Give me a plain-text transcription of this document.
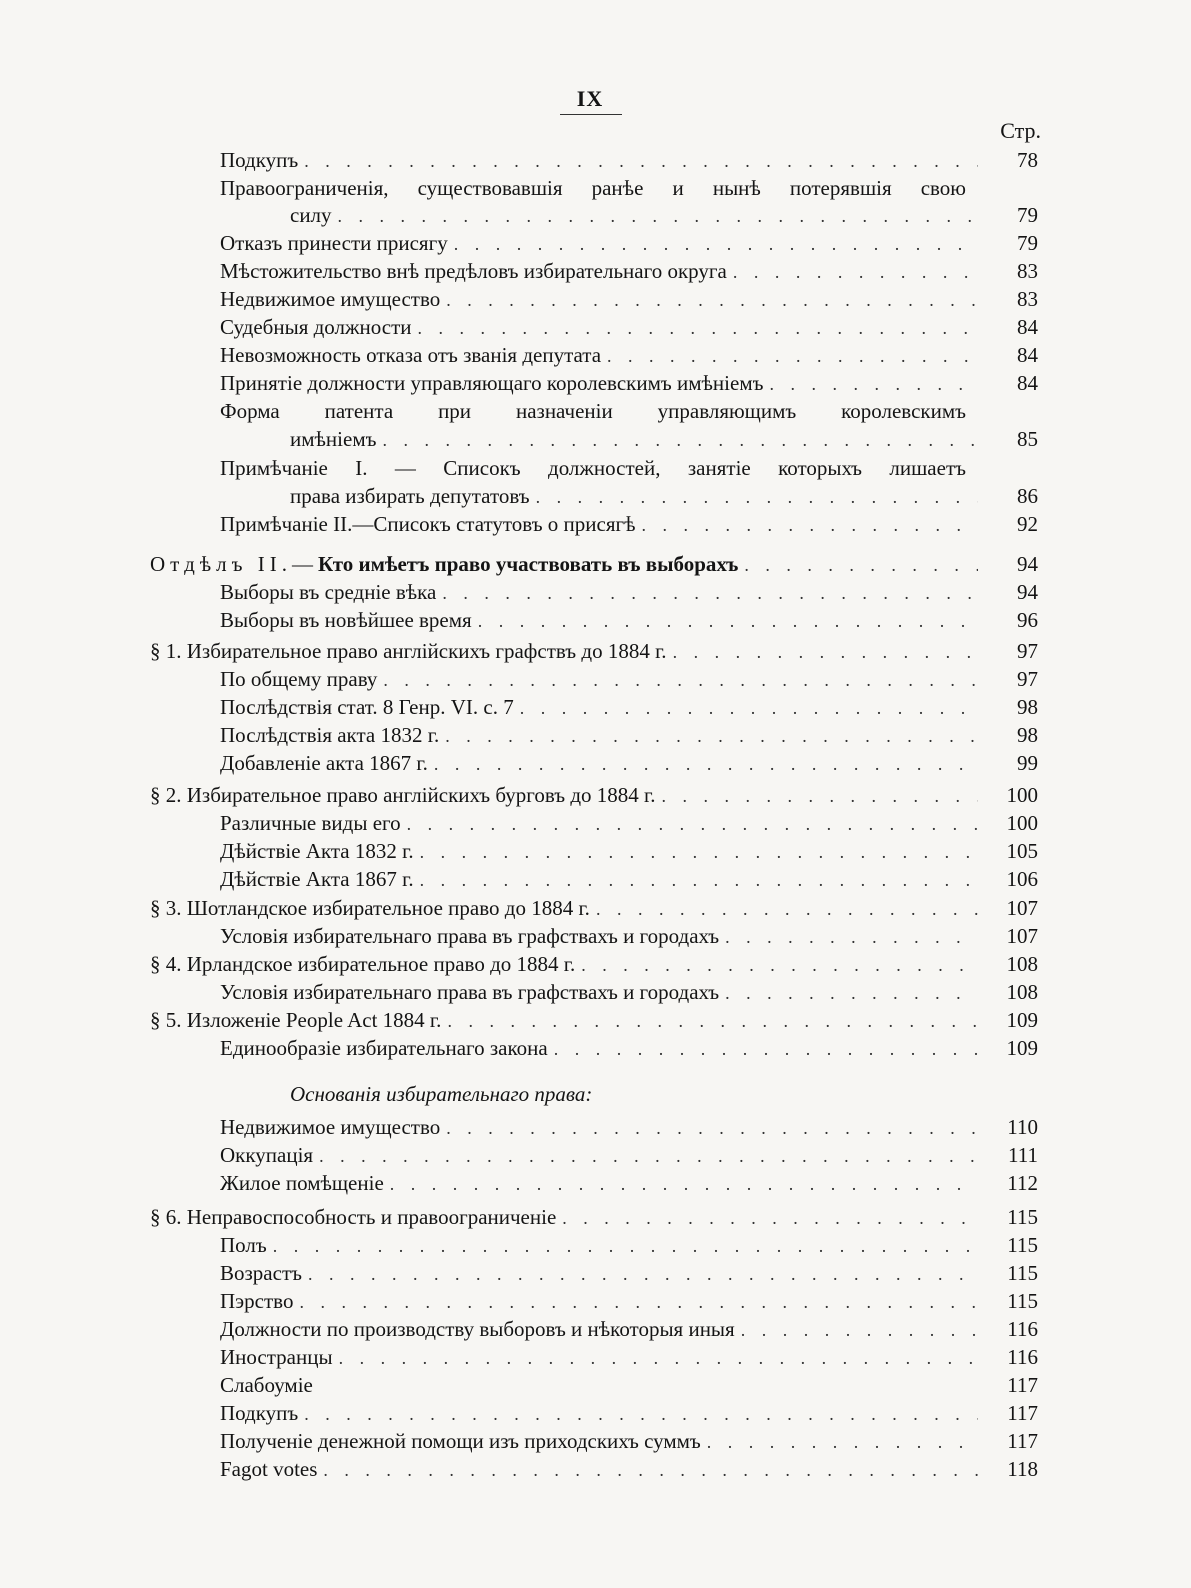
IX
Стр.
Подкупъ . . .	78
Правоограниченія, существовавшія ранѣе и нынѣ потерявшія свою
силу . . .	79
Отказъ принести присягу . . .	79
Мѣстожительство внѣ предѣловъ избирательнаго округа . . .	83
Недвижимое имущество . . .	83
Судебныя должности . . .	84
Невозможность отказа отъ званія депутата . . .	84
Принятіе должности управляющаго королевскимъ имѣніемъ . . .	84
Форма патента при назначеніи управляющимъ королевскимъ
имѣніемъ . . .	85
Примѣчаніе I. — Списокъ должностей, занятіе которыхъ лишаетъ
права избирать депутатовъ . . .	86
Примѣчаніе II.—Списокъ статутовъ о присягѣ . . .	92
Отдѣлъ II.—Кто имѣетъ право участвовать въ выборахъ . . .	94
Выборы въ средніе вѣка . . .	94
Выборы въ новѣйшее время . . .	96
§ 1. Избирательное право англійскихъ графствъ до 1884 г. . . .	97
По общему праву . . .	97
Послѣдствія стат. 8 Генр. VI. c. 7 . . .	98
Послѣдствія акта 1832 г. . . .	98
Добавленіе акта 1867 г. . . .	99
§ 2. Избирательное право англійскихъ бурговъ до 1884 г. . . .	100
Различные виды его . . .	100
Дѣйствіе Акта 1832 г. . . .	105
Дѣйствіе Акта 1867 г. . . .	106
§ 3. Шотландское избирательное право до 1884 г. . . .	107
Условія избирательнаго права въ графствахъ и городахъ . . .	107
§ 4. Ирландское избирательное право до 1884 г. . . .	108
Условія избирательнаго права въ графствахъ и городахъ . . .	108
§ 5. Изложеніе People Act 1884 г. . . .	109
Единообразіе избирательнаго закона . . .	109
Основанія избирательнаго права:
Недвижимое имущество . . .	110
Оккупація . . .	111
Жилое помѣщеніе . . .	112
§ 6. Неправоспособность и правоограниченіе . . .	115
Полъ . . .	115
Возрастъ . . .	115
Пэрство . . .	115
Должности по производству выборовъ и нѣкоторыя иныя . . .	116
Иностранцы . . .	116
Слабоуміе	117
Подкупъ . . .	117
Полученіе денежной помощи изъ приходскихъ суммъ . . .	117
Fagot votes . . .	118
